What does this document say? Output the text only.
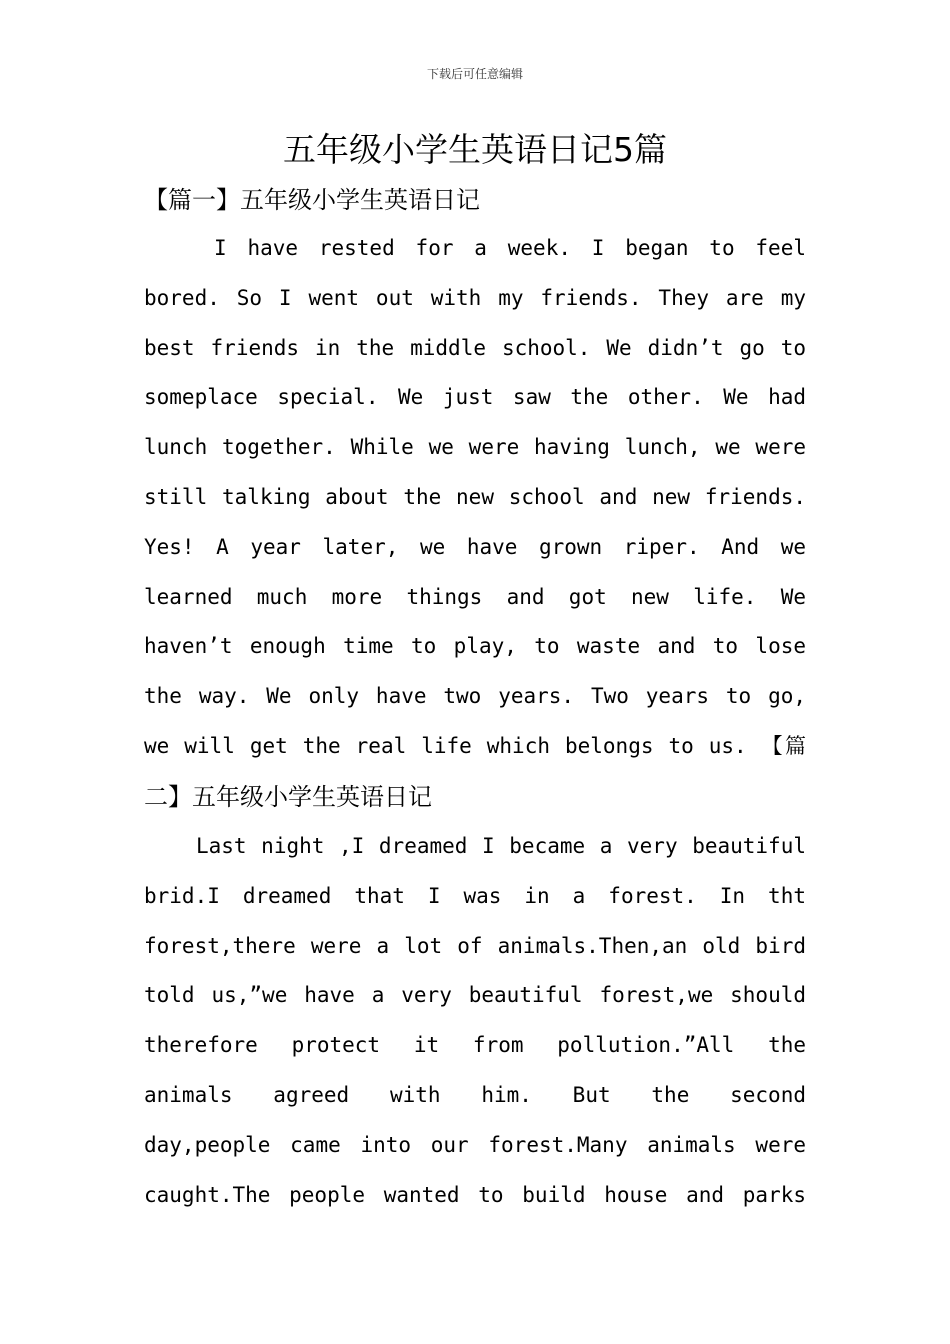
下载后可任意编辑
五年级小学生英语日记5篇
【篇一】五年级小学生英语日记
I have rested for a week. I began to feel
bored. So I went out with my friends. They are my
best friends in the middle school. We didn’t go to
someplace special. We just saw the other. We had
lunch together. While we were having lunch, we were
still talking about the new school and new friends.
Yes! A year later, we have grown riper. And we
learned much more things and got new life. We
haven’t enough time to play, to waste and to lose
the way. We only have two years. Two years to go,
we will get the real life which belongs to us. 【篇
二】五年级小学生英语日记
Last night ,I dreamed I became a very beautiful
brid.I dreamed that I was in a forest. In tht
forest,there were a lot of animals.Then,an old bird
told us,”we have a very beautiful forest,we should
therefore protect it from pollution.”All the
animals agreed with him. But the second
day,people came into our forest.Many animals were
caught.The people wanted to build house and parks
